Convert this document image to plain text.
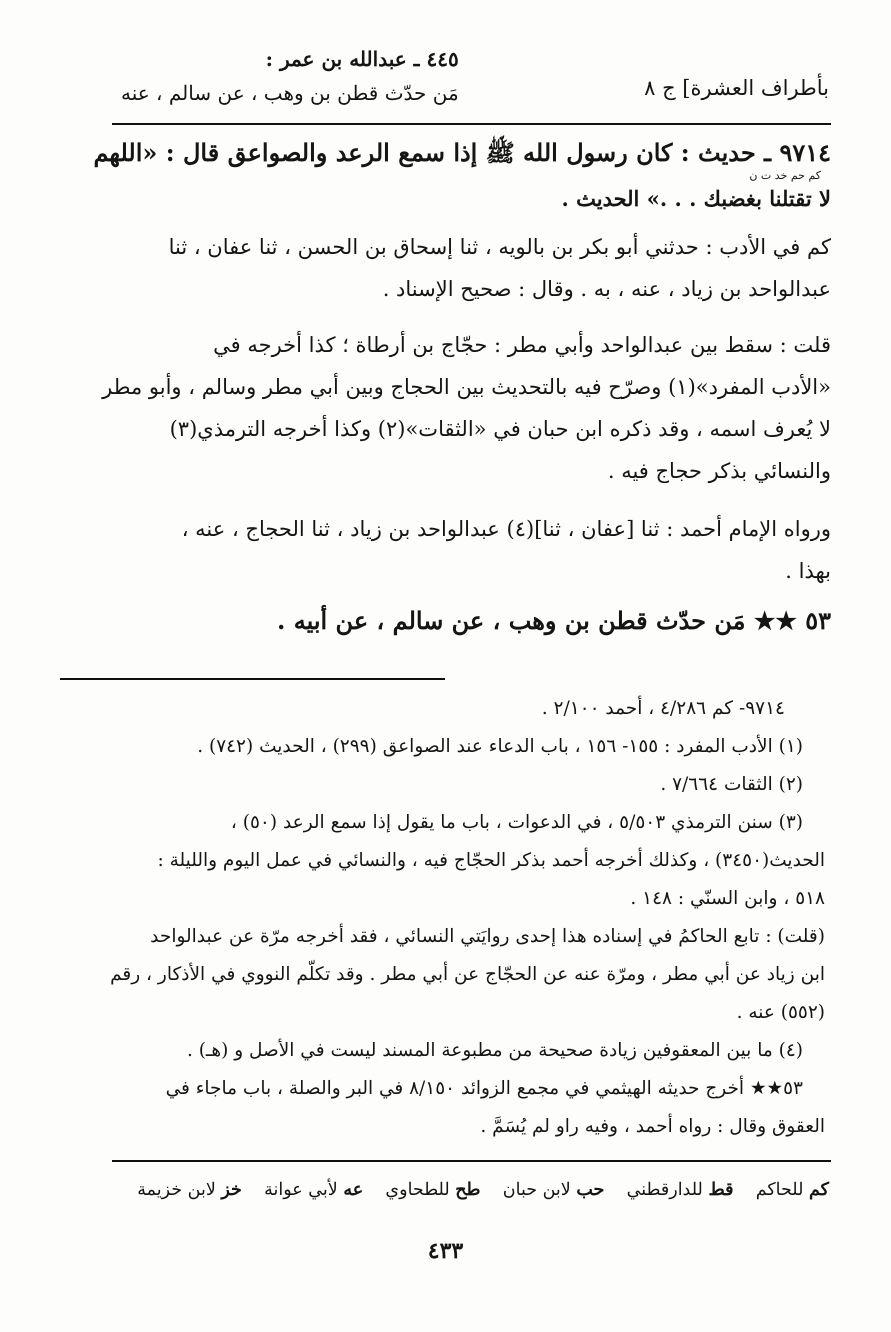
بأطراف العشرة] ج ٨
٤٤٥ ـ عبدالله بن عمر :
مَن حدّث قطن بن وهب ، عن سالم ، عنه
٩٧١٤ ـ حديث : كان رسول الله ﷺ إذا سمع الرعد والصواعق قال : «اللهم
كم حم خد ت ن
لا تقتلنا بغضبك . . .» الحديث .
كم في الأدب : حدثني أبو بكر بن بالويه ، ثنا إسحاق بن الحسن ، ثنا عفان ، ثنا
عبدالواحد بن زياد ، عنه ، به . وقال : صحيح الإسناد .
قلت : سقط بين عبدالواحد وأبي مطر : حجّاج بن أرطاة ؛ كذا أخرجه في
«الأدب المفرد»(١) وصرّح فيه بالتحديث بين الحجاج وبين أبي مطر وسالم ، وأبو مطر
لا يُعرف اسمه ، وقد ذكره ابن حبان في «الثقات»(٢) وكذا أخرجه الترمذي(٣)
والنسائي بذكر حجاج فيه .
ورواه الإمام أحمد : ثنا [عفان ، ثنا](٤) عبدالواحد بن زياد ، ثنا الحجاج ، عنه ،
بهذا .
٥٣ ★★ مَن حدّث قطن بن وهب ، عن سالم ، عن أبيه .
٩٧١٤- كم ٤/٢٨٦ ، أحمد ٢/١٠٠ .
(١) الأدب المفرد : ١٥٥- ١٥٦ ، باب الدعاء عند الصواعق (٢٩٩) ، الحديث (٧٤٢) .
(٢) الثقات ٧/٦٦٤ .
(٣) سنن الترمذي ٥/٥٠٣ ، في الدعوات ، باب ما يقول إذا سمع الرعد (٥٠) ،
الحديث(٣٤٥٠) ، وكذلك أخرجه أحمد بذكر الحجّاج فيه ، والنسائي في عمل اليوم والليلة :
٥١٨ ، وابن السنّي : ١٤٨ .
(قلت) : تابع الحاكمُ في إسناده هذا إحدى روايَتي النسائي ، فقد أخرجه مرّة عن عبدالواحد
ابن زياد عن أبي مطر ، ومرّة عنه عن الحجّاج عن أبي مطر . وقد تكلّم النووي في الأذكار ، رقم
(٥٥٢) عنه .
(٤) ما بين المعقوفين زيادة صحيحة من مطبوعة المسند ليست في الأصل و (هـ) .
٥٣★★ أخرج حديثه الهيثمي في مجمع الزوائد ٨/١٥٠ في البر والصلة ، باب ماجاء في
العقوق وقال : رواه أحمد ، وفيه راو لم يُسَمَّ .
كم للحاكم    قط للدارقطني    حب لابن حبان    طح للطحاوي    عه لأبي عوانة    خز لابن خزيمة
٤٣٣
